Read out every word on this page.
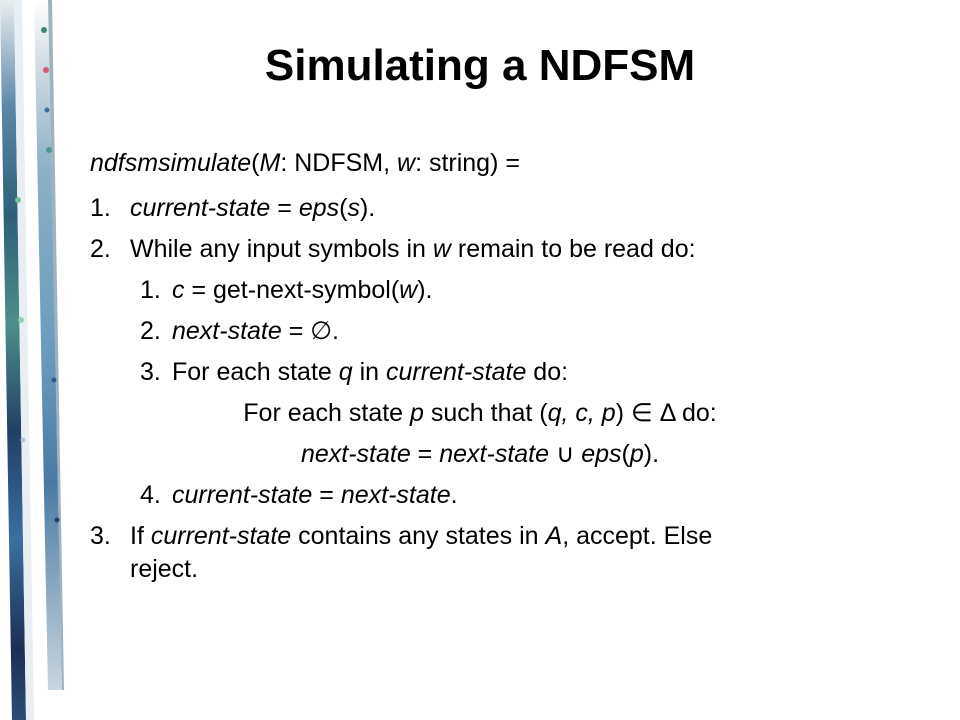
Simulating a NDFSM
ndfsmsimulate(M: NDFSM, w: string) =
1. current-state = eps(s).
2. While any input symbols in w remain to be read do:
1. c = get-next-symbol(w).
2. next-state = ∅.
3. For each state q in current-state do:
For each state p such that (q, c, p) ∈ Δ do:
next-state = next-state ∪ eps(p).
4. current-state = next-state.
3. If current-state contains any states in A, accept. Else
reject.
